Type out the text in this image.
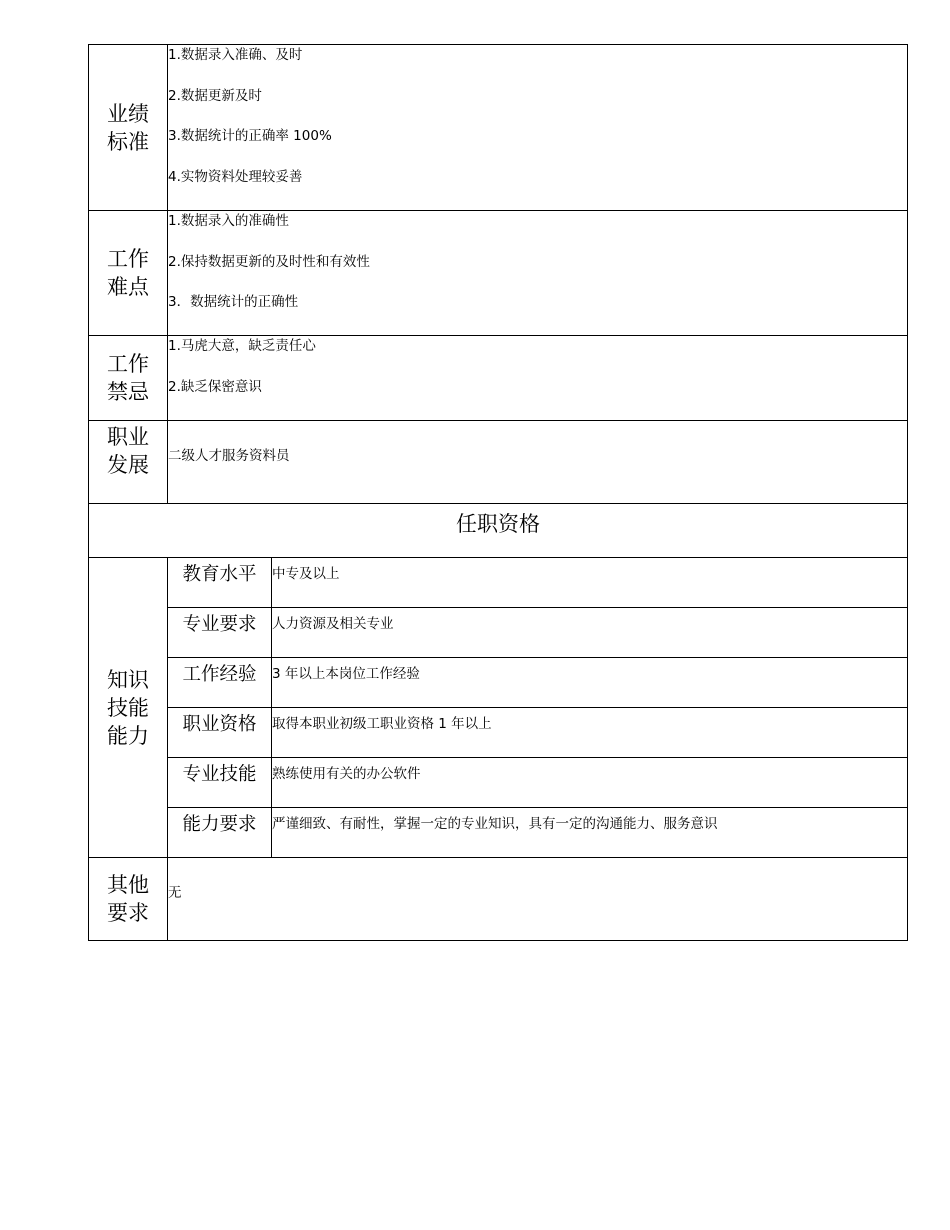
业绩标准	1.数据录入准确、及时
2.数据更新及时
3.数据统计的正确率 100%
4.实物资料处理较妥善	

工作难点	1.数据录入的准确性
2.保持数据更新的及时性和有效性
3．数据统计的正确性	

工作禁忌	1.马虎大意，缺乏责任心
2.缺乏保密意识	

职业发展	二级人才服务资料员	

任职资格		
知识技能能力	教育水平	中专及以上
	专业要求	人力资源及相关专业
	工作经验	3 年以上本岗位工作经验
	职业资格	取得本职业初级工职业资格 1 年以上
	专业技能	熟练使用有关的办公软件
	能力要求	严谨细致、有耐性，掌握一定的专业知识，具有一定的沟通能力、服务意识
其他要求	无	
